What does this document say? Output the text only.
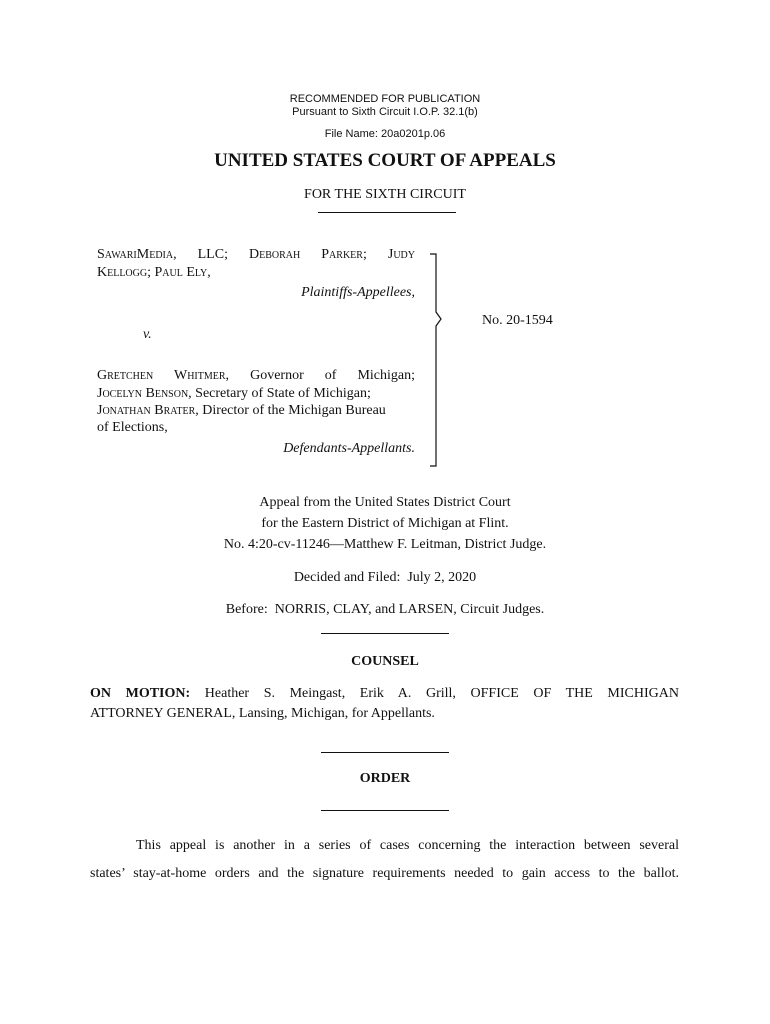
RECOMMENDED FOR PUBLICATION
Pursuant to Sixth Circuit I.O.P. 32.1(b)
File Name: 20a0201p.06
UNITED STATES COURT OF APPEALS
FOR THE SIXTH CIRCUIT
SawariMedia, LLC; Deborah Parker; Judy
Kellogg; Paul Ely,
Plaintiffs-Appellees,
v.
Gretchen Whitmer, Governor of Michigan;
Jocelyn Benson, Secretary of State of Michigan;
Jonathan Brater, Director of the Michigan Bureau
of Elections,
Defendants-Appellants.
No. 20-1594
Appeal from the United States District Court
for the Eastern District of Michigan at Flint.
No. 4:20-cv-11246—Matthew F. Leitman, District Judge.
Decided and Filed:  July 2, 2020
Before:  NORRIS, CLAY, and LARSEN, Circuit Judges.
COUNSEL
ON MOTION: Heather S. Meingast, Erik A. Grill, OFFICE OF THE MICHIGAN
ATTORNEY GENERAL, Lansing, Michigan, for Appellants.
ORDER
This appeal is another in a series of cases concerning the interaction between several
states’ stay-at-home orders and the signature requirements needed to gain access to the ballot.
